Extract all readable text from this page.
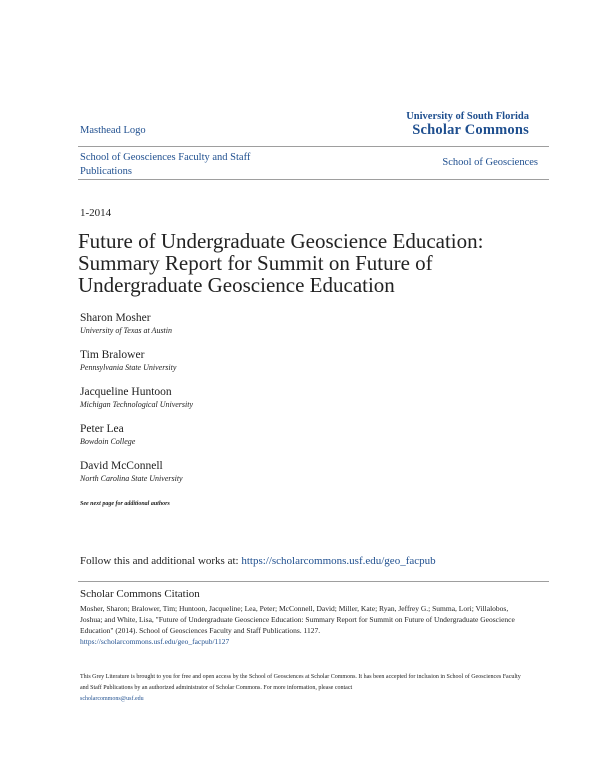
Masthead Logo
University of South Florida
Scholar Commons
School of Geosciences Faculty and Staff Publications
School of Geosciences
1-2014
Future of Undergraduate Geoscience Education: Summary Report for Summit on Future of Undergraduate Geoscience Education
Sharon Mosher
University of Texas at Austin
Tim Bralower
Pennsylvania State University
Jacqueline Huntoon
Michigan Technological University
Peter Lea
Bowdoin College
David McConnell
North Carolina State University
See next page for additional authors
Follow this and additional works at: https://scholarcommons.usf.edu/geo_facpub
Scholar Commons Citation
Mosher, Sharon; Bralower, Tim; Huntoon, Jacqueline; Lea, Peter; McConnell, David; Miller, Kate; Ryan, Jeffrey G.; Summa, Lori; Villalobos, Joshua; and White, Lisa, "Future of Undergraduate Geoscience Education: Summary Report for Summit on Future of Undergraduate Geoscience Education" (2014). School of Geosciences Faculty and Staff Publications. 1127.
https://scholarcommons.usf.edu/geo_facpub/1127
This Grey Literature is brought to you for free and open access by the School of Geosciences at Scholar Commons. It has been accepted for inclusion in School of Geosciences Faculty and Staff Publications by an authorized administrator of Scholar Commons. For more information, please contact
scholarcommons@usf.edu
